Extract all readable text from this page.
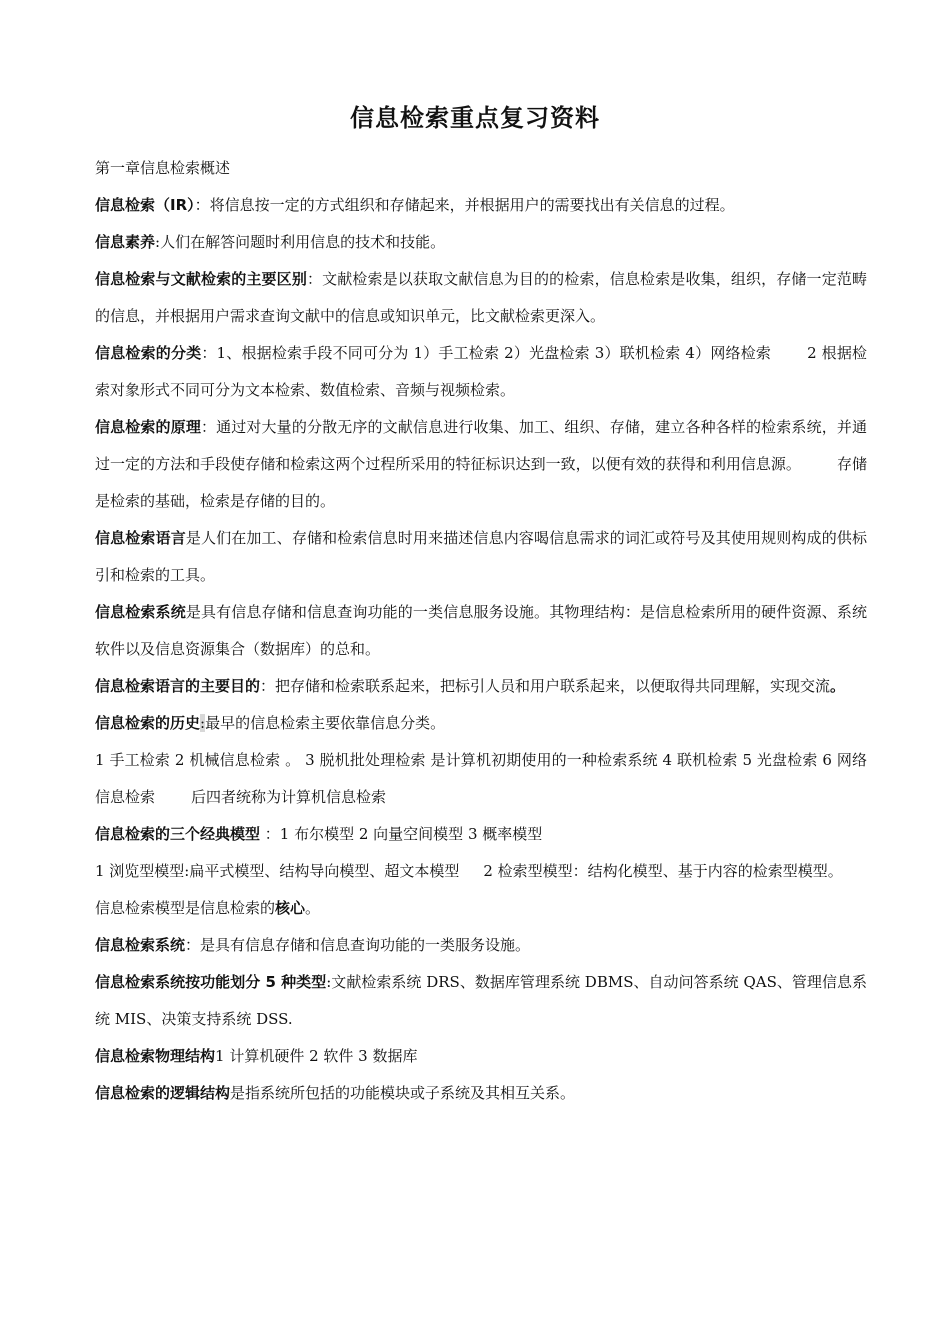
信息检索重点复习资料

第一章信息检索概述

信息检索（IR）：将信息按一定的方式组织和存储起来，并根据用户的需要找出有关信息的过程。

信息素养:人们在解答问题时利用信息的技术和技能。

信息检索与文献检索的主要区别：文献检索是以获取文献信息为目的的检索，信息检索是收集，组织，存储一定范畴的信息，并根据用户需求查询文献中的信息或知识单元，比文献检索更深入。

信息检索的分类：1、根据检索手段不同可分为 1）手工检索 2）光盘检索 3）联机检索 4）网络检索 2 根据检索对象形式不同可分为文本检索、数值检索、音频与视频检索。

信息检索的原理：通过对大量的分散无序的文献信息进行收集、加工、组织、存储，建立各种各样的检索系统，并通过一定的方法和手段使存储和检索这两个过程所采用的特征标识达到一致，以便有效的获得和利用信息源。 存储是检索的基础，检索是存储的目的。

信息检索语言是人们在加工、存储和检索信息时用来描述信息内容喝信息需求的词汇或符号及其使用规则构成的供标引和检索的工具。

信息检索系统是具有信息存储和信息查询功能的一类信息服务设施。其物理结构：是信息检索所用的硬件资源、系统软件以及信息资源集合（数据库）的总和。

信息检索语言的主要目的：把存储和检索联系起来，把标引人员和用户联系起来，以便取得共同理解，实现交流。

信息检索的历史:最早的信息检索主要依靠信息分类。

1 手工检索 2 机械信息检索 。 3 脱机批处理检索 是计算机初期使用的一种检索系统 4 联机检索 5 光盘检索 6 网络信息检索 后四者统称为计算机信息检索

信息检索的三个经典模型 ：1 布尔模型 2 向量空间模型 3 概率模型

1 浏览型模型:扁平式模型、结构导向模型、超文本模型 2 检索型模型：结构化模型、基于内容的检索型模型。

信息检索模型是信息检索的核心。

信息检索系统：是具有信息存储和信息查询功能的一类服务设施。

信息检索系统按功能划分 5 种类型:文献检索系统 DRS、数据库管理系统 DBMS、自动问答系统 QAS、管理信息系统 MIS、决策支持系统 DSS.

信息检索物理结构1 计算机硬件 2 软件 3 数据库

信息检索的逻辑结构是指系统所包括的功能模块或子系统及其相互关系。
